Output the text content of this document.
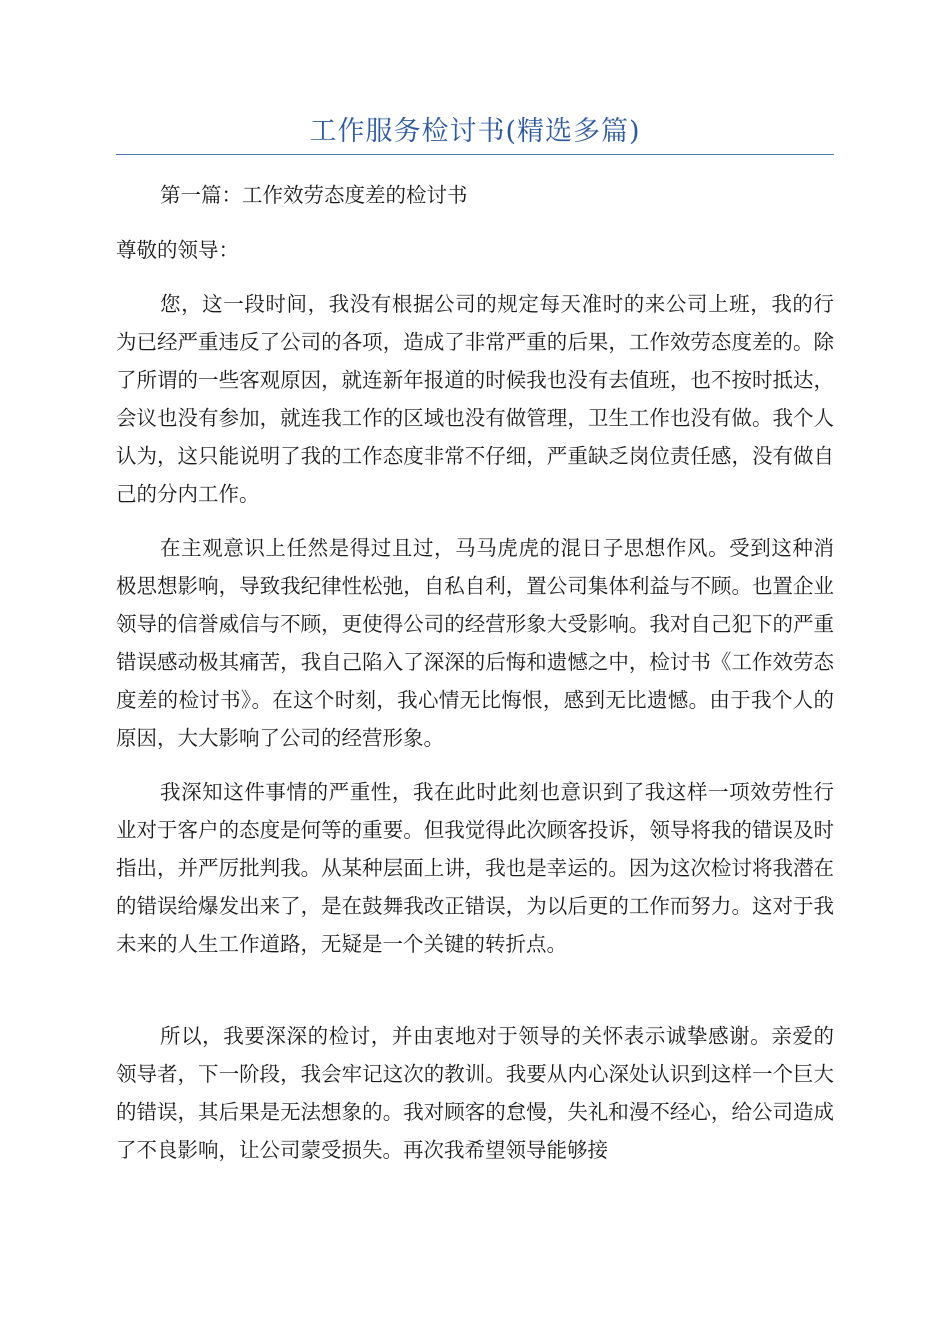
工作服务检讨书(精选多篇)
第一篇：工作效劳态度差的检讨书
尊敬的领导：
您，这一段时间，我没有根据公司的规定每天准时的来公司上班，我的行为已经严重违反了公司的各项，造成了非常严重的后果，工作效劳态度差的。除了所谓的一些客观原因，就连新年报道的时候我也没有去值班，也不按时抵达，会议也没有参加，就连我工作的区域也没有做管理，卫生工作也没有做。我个人认为，这只能说明了我的工作态度非常不仔细，严重缺乏岗位责任感，没有做自己的分内工作。
在主观意识上任然是得过且过，马马虎虎的混日子思想作风。受到这种消极思想影响，导致我纪律性松弛，自私自利，置公司集体利益与不顾。也置企业领导的信誉威信与不顾，更使得公司的经营形象大受影响。我对自己犯下的严重错误感动极其痛苦，我自己陷入了深深的后悔和遗憾之中，检讨书《工作效劳态度差的检讨书》。在这个时刻，我心情无比悔恨，感到无比遗憾。由于我个人的原因，大大影响了公司的经营形象。
我深知这件事情的严重性，我在此时此刻也意识到了我这样一项效劳性行业对于客户的态度是何等的重要。但我觉得此次顾客投诉，领导将我的错误及时指出，并严厉批判我。从某种层面上讲，我也是幸运的。因为这次检讨将我潜在的错误给爆发出来了，是在鼓舞我改正错误，为以后更的工作而努力。这对于我未来的人生工作道路，无疑是一个关键的转折点。
所以，我要深深的检讨，并由衷地对于领导的关怀表示诚挚感谢。亲爱的领导者，下一阶段，我会牢记这次的教训。我要从内心深处认识到这样一个巨大的错误，其后果是无法想象的。我对顾客的怠慢，失礼和漫不经心，给公司造成了不良影响，让公司蒙受损失。再次我希望领导能够接
